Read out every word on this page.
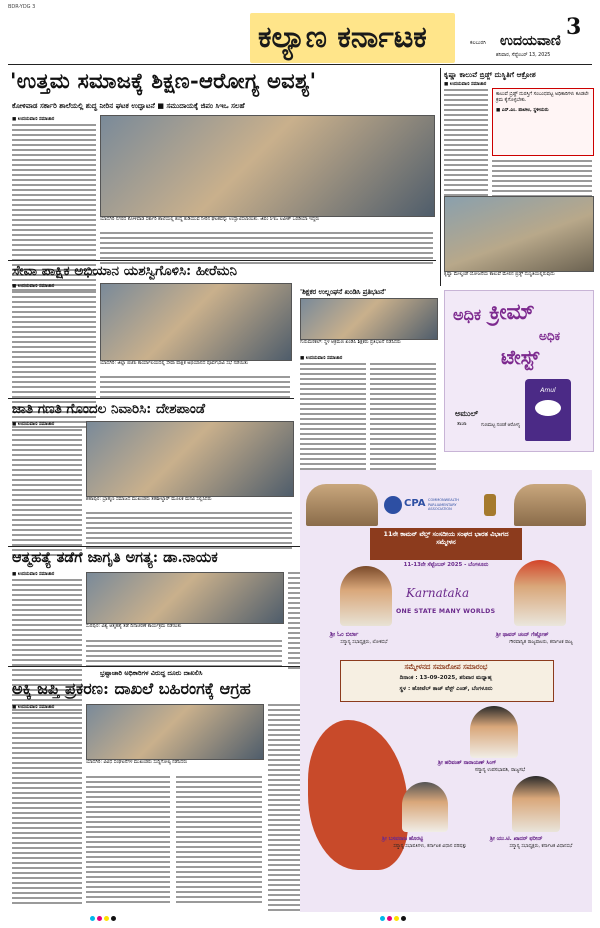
BDR-YDG 3
ಕಲ್ಯಾಣ ಕರ್ನಾಟಕ	3
ಕಲಬುರಗಿ ಉದಯವಾಣಿ
ಶನಿವಾರ, ಸೆಪ್ಟೆಂಬರ್ 13, 2025
'ಉತ್ತಮ ಸಮಾಜಕ್ಕೆ ಶಿಕ್ಷಣ-ಆರೋಗ್ಯ ಅವಶ್ಯ'
ಕೋಳಿವಾಡ ಸರ್ಕಾರಿ ಶಾಲೆಯಲ್ಲಿ ಶುದ್ಧ ನೀರಿನ ಘಟಕ ಉದ್ಘಾಟನೆ ■ ಸಮುದಾಯಕ್ಕೆ ಜಿಪಂ ಸಿಇಒ ಸಲಹೆ
■ ಉದಯವಾಣಿ ಸಮಾಚಾರ
ಯಾದಗಿರಿ ನಗರದ ಕೋಳಿವಾಡ ಸರ್ಕಾರಿ ಶಾಲೆಯಲ್ಲಿ ಶುದ್ಧ ಕುಡಿಯುವ ನೀರಿನ ಘಟಕವನ್ನು ಉದ್ಘಾಟಿಸಲಾಯಿತು. ಜಿಪಂ ಸಿಇಒ ಲವೀಶ್ ಒರಡಿಯಾ ಇದ್ದರು
ಕೃಷ್ಣಾ ಕಾಲುವೆ ಬ್ರಿಡ್ಜ್ ದುಸ್ಥಿತಿಗೆ ಆಕ್ರೋಶ
■ ಉದಯವಾಣಿ ಸಮಾಚಾರ
ಕಾಲುವೆ ಬ್ರಿಡ್ಜ್ ದುರಸ್ತಿಗೆ ಸಂಬಂಧಪಟ್ಟ ಅಧಿಕಾರಿಗಳು ಕೂಡಲೇ ಕ್ರಮ ಕೈಗೊಳ್ಳಬೇಕು.
■ ಎಸ್.ಎಂ. ಪಾಟೀಲ, ಸ್ಥಳೀಯರು
ಕೃಷ್ಣಾ ಮೇಲ್ದಂಡೆ ಯೋಜನೆಯ ಕಾಲುವೆ ಮೇಲಿನ ಬ್ರಿಡ್ಜ್ ದುಸ್ಥಿತಿಯಲ್ಲಿರುವುದು
ಸೇವಾ ಪಾಕ್ಷಿಕ ಅಭಿಯಾನ ಯಶಸ್ವಿಗೊಳಿಸಿ: ಹೀರೆಮನಿ
■ ಉದಯವಾಣಿ ಸಮಾಚಾರ
ಯಾದಗಿರಿ: ಜಿಲ್ಲಾ ಬಿಜೆಪಿ ಕಾರ್ಯಾಲಯದಲ್ಲಿ ಸೇವಾ ಪಾಕ್ಷಿಕ ಅಭಿಯಾನದ ಪೂರ್ವಭಾವಿ ಸಭೆ ನಡೆಯಿತು
'ಶಿಕ್ಷಕರ ಉಲ್ಲಂಘನೆ ಖಂಡಿಸಿ ಪ್ರತಿಭಟನೆ'
ಗುರುಮಠಕಲ್: ಸ್ಥಳ ಆಕ್ರಮಣ ಖಂಡಿಸಿ ಶಿಕ್ಷಕರು ಪ್ರತಿಭಟನೆ ನಡೆಸಿದರು
■ ಉದಯವಾಣಿ ಸಮಾಚಾರ
ಜಾತಿ ಗಣತಿ ಗೊಂದಲ ನಿವಾರಿಸಿ: ದೇಶಪಾಂಡೆ
■ ಉದಯವಾಣಿ ಸಮಾಚಾರ
ಶಹಾಪುರ: ಬ್ರಾಹ್ಮಣ ಸಮಾಜದ ಮುಖಂಡರು ತಹಶೀಲ್ದಾರ್ ಮೂಲಕ ಮನವಿ ಸಲ್ಲಿಸಿದರು
ಆತ್ಮಹತ್ಯೆ ತಡೆಗೆ ಜಾಗೃತಿ ಅಗತ್ಯ: ಡಾ.ನಾಯಕ
■ ಉದಯವಾಣಿ ಸಮಾಚಾರ
ಸುರಪುರ: ವಿಶ್ವ ಆತ್ಮಹತ್ಯೆ ತಡೆ ದಿನಾಚರಣೆ ಕಾರ್ಯಕ್ರಮ ನಡೆಯಿತು
ಭ್ರಷ್ಟಾಚಾರಿ ಅಧಿಕಾರಿಗಳ ವಿರುದ್ಧ ದೂರು ದಾಖಲಿಸಿ
ಅಕ್ಕಿ ಜಪ್ತಿ ಪ್ರಕರಣ: ದಾಖಲೆ ಬಹಿರಂಗಕ್ಕೆ ಆಗ್ರಹ
■ ಉದಯವಾಣಿ ಸಮಾಚಾರ
ಯಾದಗಿರಿ: ವಿವಿಧ ಸಂಘಟನೆಗಳ ಮುಖಂಡರು ಸುದ್ದಿಗೋಷ್ಠಿ ನಡೆಸಿದರು
ಅಧಿಕ ಕ್ರೀಮ್
ಅಧಿಕ
ಟೇಸ್ಟ್
Amul
ಅಮುಲ್
ತಾಜಾ	ಗುಣಮಟ್ಟ ನಂಬಿಕೆ ಆರೋಗ್ಯ
CPA COMMONWEALTH PARLIAMENTARY ASSOCIATION
11ನೇ ಕಾಮನ್ ವೆಲ್ತ್ ಸಂಸದೀಯ ಸಂಘದ ಭಾರತ ವಿಭಾಗದ ಸಮ್ಮೇಳನ
11-13ನೇ ಸೆಪ್ಟೆಂಬರ್ 2025 - ಬೆಂಗಳೂರು
Karnataka
ONE STATE MANY WORLDS
ಶ್ರೀ ಓಂ ಬಿರ್ಲಾ
ಸನ್ಮಾನ್ಯ ಸಭಾಧ್ಯಕ್ಷರು, ಲೋಕಸಭೆ
ಶ್ರೀ ಥಾವರ್ ಚಂದ್ ಗೆಹ್ಲೋತ್
ಗೌರವಾನ್ವಿತ ರಾಜ್ಯಪಾಲರು, ಕರ್ನಾಟಕ ರಾಜ್ಯ
ಸಮ್ಮೇಳನದ ಸಮಾರೋಪ ಸಮಾರಂಭ
ದಿನಾಂಕ : 13-09-2025, ಶನಿವಾರ ಮಧ್ಯಾಹ್ನ
ಸ್ಥಳ : ಹೋಟೆಲ್ ತಾಜ್ ವೆಸ್ಟ್ ಎಂಡ್, ಬೆಂಗಳೂರು
ಶ್ರೀ ಹರಿವಂಶ್ ನಾರಾಯಣ್ ಸಿಂಗ್
ಸನ್ಮಾನ್ಯ ಉಪಸಭಾಪತಿ, ರಾಜ್ಯಸಭೆ
ಶ್ರೀ ಬಸವರಾಜ ಹೊರಟ್ಟಿ
ಸನ್ಮಾನ್ಯ ಸಭಾಪತಿಗಳು, ಕರ್ನಾಟಕ ವಿಧಾನ ಪರಿಷತ್ತು
ಶ್ರೀ ಯು.ಟಿ. ಖಾದರ್ ಫರೀದ್
ಸನ್ಮಾನ್ಯ ಸಭಾಧ್ಯಕ್ಷರು, ಕರ್ನಾಟಕ ವಿಧಾನಸಭೆ
